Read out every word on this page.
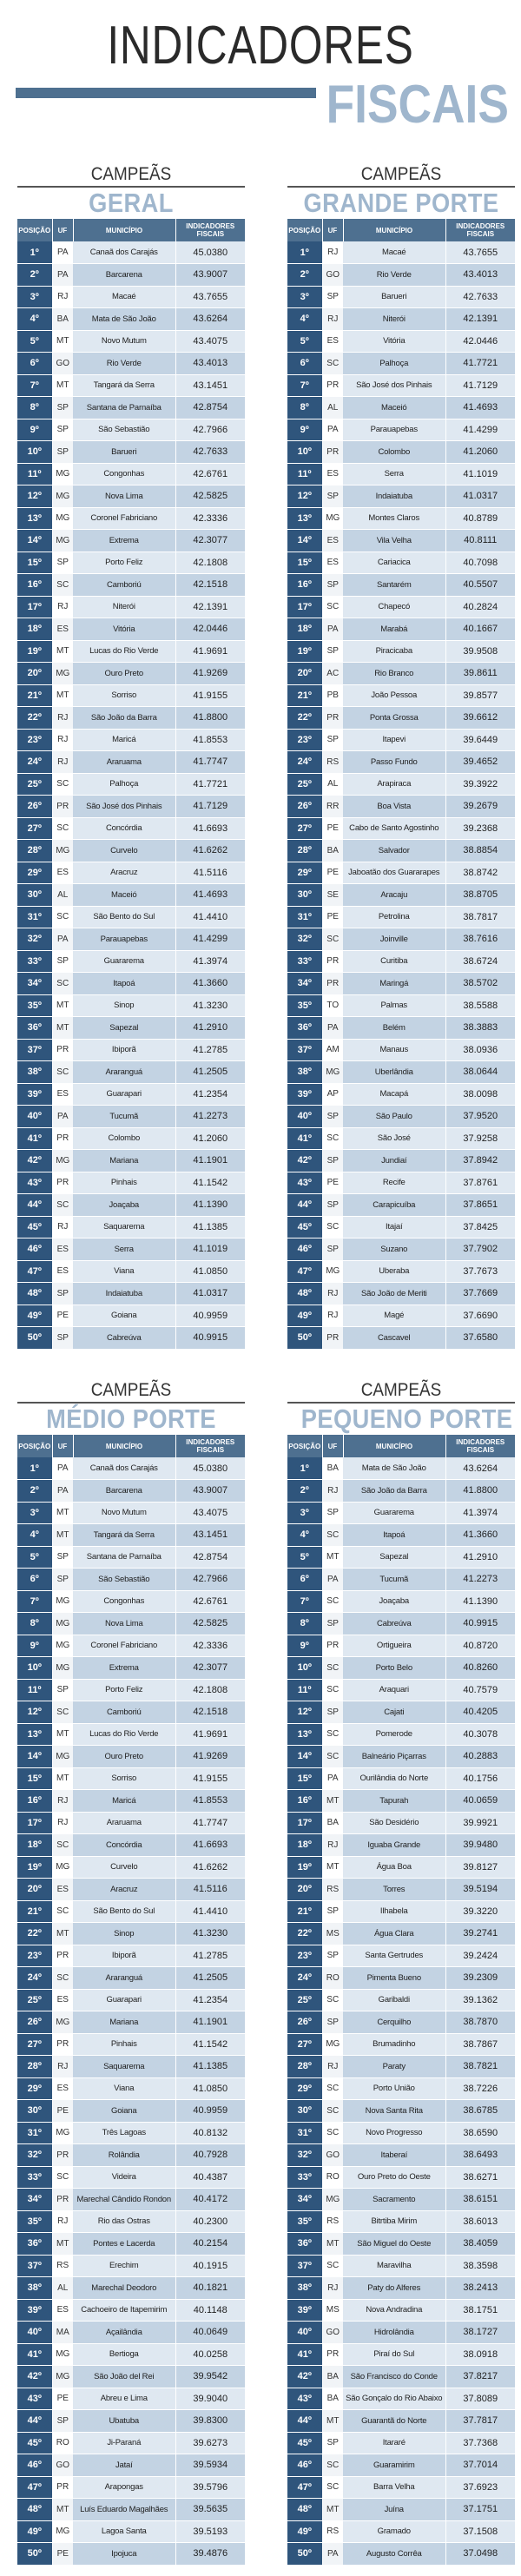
INDICADORES
FISCAIS
CAMPEÃS
GERAL
POSIÇÃO	UF	MUNICÍPIO	INDICADORES FISCAIS
1º	PA	Canaã dos Carajás	45.0380
2º	PA	Barcarena	43.9007
3º	RJ	Macaé	43.7655
4º	BA	Mata de São João	43.6264
5º	MT	Novo Mutum	43.4075
6º	GO	Rio Verde	43.4013
7º	MT	Tangará da Serra	43.1451
8º	SP	Santana de Parnaíba	42.8754
9º	SP	São Sebastião	42.7966
10º	SP	Barueri	42.7633
11º	MG	Congonhas	42.6761
12º	MG	Nova Lima	42.5825
13º	MG	Coronel Fabriciano	42.3336
14º	MG	Extrema	42.3077
15º	SP	Porto Feliz	42.1808
16º	SC	Camboriú	42.1518
17º	RJ	Niterói	42.1391
18º	ES	Vitória	42.0446
19º	MT	Lucas do Rio Verde	41.9691
20º	MG	Ouro Preto	41.9269
21º	MT	Sorriso	41.9155
22º	RJ	São João da Barra	41.8800
23º	RJ	Maricá	41.8553
24º	RJ	Araruama	41.7747
25º	SC	Palhoça	41.7721
26º	PR	São José dos Pinhais	41.7129
27º	SC	Concórdia	41.6693
28º	MG	Curvelo	41.6262
29º	ES	Aracruz	41.5116
30º	AL	Maceió	41.4693
31º	SC	São Bento do Sul	41.4410
32º	PA	Parauapebas	41.4299
33º	SP	Guararema	41.3974
34º	SC	Itapoá	41.3660
35º	MT	Sinop	41.3230
36º	MT	Sapezal	41.2910
37º	PR	Ibiporã	41.2785
38º	SC	Araranguá	41.2505
39º	ES	Guarapari	41.2354
40º	PA	Tucumã	41.2273
41º	PR	Colombo	41.2060
42º	MG	Mariana	41.1901
43º	PR	Pinhais	41.1542
44º	SC	Joaçaba	41.1390
45º	RJ	Saquarema	41.1385
46º	ES	Serra	41.1019
47º	ES	Viana	41.0850
48º	SP	Indaiatuba	41.0317
49º	PE	Goiana	40.9959
50º	SP	Cabreúva	40.9915
CAMPEÃS
GRANDE PORTE
POSIÇÃO	UF	MUNICÍPIO	INDICADORES FISCAIS
1º	RJ	Macaé	43.7655
2º	GO	Rio Verde	43.4013
3º	SP	Barueri	42.7633
4º	RJ	Niterói	42.1391
5º	ES	Vitória	42.0446
6º	SC	Palhoça	41.7721
7º	PR	São José dos Pinhais	41.7129
8º	AL	Maceió	41.4693
9º	PA	Parauapebas	41.4299
10º	PR	Colombo	41.2060
11º	ES	Serra	41.1019
12º	SP	Indaiatuba	41.0317
13º	MG	Montes Claros	40.8789
14º	ES	Vila Velha	40.8111
15º	ES	Cariacica	40.7098
16º	SP	Santarém	40.5507
17º	SC	Chapecó	40.2824
18º	PA	Marabá	40.1667
19º	SP	Piracicaba	39.9508
20º	AC	Rio Branco	39.8611
21º	PB	João Pessoa	39.8577
22º	PR	Ponta Grossa	39.6612
23º	SP	Itapevi	39.6449
24º	RS	Passo Fundo	39.4652
25º	AL	Arapiraca	39.3922
26º	RR	Boa Vista	39.2679
27º	PE	Cabo de Santo Agostinho	39.2368
28º	BA	Salvador	38.8854
29º	PE	Jaboatão dos Guararapes	38.8742
30º	SE	Aracaju	38.8705
31º	PE	Petrolina	38.7817
32º	SC	Joinville	38.7616
33º	PR	Curitiba	38.6724
34º	PR	Maringá	38.5702
35º	TO	Palmas	38.5588
36º	PA	Belém	38.3883
37º	AM	Manaus	38.0936
38º	MG	Uberlândia	38.0644
39º	AP	Macapá	38.0098
40º	SP	São Paulo	37.9520
41º	SC	São José	37.9258
42º	SP	Jundiaí	37.8942
43º	PE	Recife	37.8761
44º	SP	Carapicuíba	37.8651
45º	SC	Itajaí	37.8425
46º	SP	Suzano	37.7902
47º	MG	Uberaba	37.7673
48º	RJ	São João de Meriti	37.7669
49º	RJ	Magé	37.6690
50º	PR	Cascavel	37.6580
CAMPEÃS
MÉDIO PORTE
POSIÇÃO	UF	MUNICÍPIO	INDICADORES FISCAIS
1º	PA	Canaã dos Carajás	45.0380
2º	PA	Barcarena	43.9007
3º	MT	Novo Mutum	43.4075
4º	MT	Tangará da Serra	43.1451
5º	SP	Santana de Parnaíba	42.8754
6º	SP	São Sebastião	42.7966
7º	MG	Congonhas	42.6761
8º	MG	Nova Lima	42.5825
9º	MG	Coronel Fabriciano	42.3336
10º	MG	Extrema	42.3077
11º	SP	Porto Feliz	42.1808
12º	SC	Camboriú	42.1518
13º	MT	Lucas do Rio Verde	41.9691
14º	MG	Ouro Preto	41.9269
15º	MT	Sorriso	41.9155
16º	RJ	Maricá	41.8553
17º	RJ	Araruama	41.7747
18º	SC	Concórdia	41.6693
19º	MG	Curvelo	41.6262
20º	ES	Aracruz	41.5116
21º	SC	São Bento do Sul	41.4410
22º	MT	Sinop	41.3230
23º	PR	Ibiporã	41.2785
24º	SC	Araranguá	41.2505
25º	ES	Guarapari	41.2354
26º	MG	Mariana	41.1901
27º	PR	Pinhais	41.1542
28º	RJ	Saquarema	41.1385
29º	ES	Viana	41.0850
30º	PE	Goiana	40.9959
31º	MG	Três Lagoas	40.8132
32º	PR	Rolândia	40.7928
33º	SC	Videira	40.4387
34º	PR	Marechal Cândido Rondon	40.4172
35º	RJ	Rio das Ostras	40.2300
36º	MT	Pontes e Lacerda	40.2154
37º	RS	Erechim	40.1915
38º	AL	Marechal Deodoro	40.1821
39º	ES	Cachoeiro de Itapemirim	40.1148
40º	MA	Açailândia	40.0649
41º	MG	Bertioga	40.0258
42º	MG	São João del Rei	39.9542
43º	PE	Abreu e Lima	39.9040
44º	SP	Ubatuba	39.8300
45º	RO	Ji-Paraná	39.6273
46º	GO	Jataí	39.5934
47º	PR	Arapongas	39.5796
48º	MT	Luís Eduardo Magalhães	39.5635
49º	MG	Lagoa Santa	39.5193
50º	PE	Ipojuca	39.4876
CAMPEÃS
PEQUENO PORTE
POSIÇÃO	UF	MUNICÍPIO	INDICADORES FISCAIS
1º	BA	Mata de São João	43.6264
2º	RJ	São João da Barra	41.8800
3º	SP	Guararema	41.3974
4º	SC	Itapoá	41.3660
5º	MT	Sapezal	41.2910
6º	PA	Tucumã	41.2273
7º	SC	Joaçaba	41.1390
8º	SP	Cabreúva	40.9915
9º	PR	Ortigueira	40.8720
10º	SC	Porto Belo	40.8260
11º	SC	Araquari	40.7579
12º	SP	Cajati	40.4205
13º	SC	Pomerode	40.3078
14º	SC	Balneário Piçarras	40.2883
15º	PA	Ourilândia do Norte	40.1756
16º	MT	Tapurah	40.0659
17º	BA	São Desidério	39.9921
18º	RJ	Iguaba Grande	39.9480
19º	MT	Água Boa	39.8127
20º	RS	Torres	39.5194
21º	SP	Ilhabela	39.3220
22º	MS	Água Clara	39.2741
23º	SP	Santa Gertrudes	39.2424
24º	RO	Pimenta Bueno	39.2309
25º	SC	Garibaldi	39.1362
26º	SP	Cerquilho	38.7870
27º	MG	Brumadinho	38.7867
28º	RJ	Paraty	38.7821
29º	SC	Porto União	38.7226
30º	SC	Nova Santa Rita	38.6785
31º	SC	Novo Progresso	38.6590
32º	GO	Itaberaí	38.6493
33º	RO	Ouro Preto do Oeste	38.6271
34º	MG	Sacramento	38.6151
35º	RS	Bitrtiba Mirim	38.6013
36º	MT	São Miguel do Oeste	38.4059
37º	SC	Maravilha	38.3598
38º	RJ	Paty do Alferes	38.2413
39º	MS	Nova Andradina	38.1751
40º	GO	Hidrolândia	38.1727
41º	PR	Piraí do Sul	38.0918
42º	BA	São Francisco do Conde	37.8217
43º	BA	São Gonçalo do Rio Abaixo	37.8089
44º	MT	Guarantã do Norte	37.7817
45º	SP	Itararé	37.7368
46º	SC	Guaramirim	37.7014
47º	SC	Barra Velha	37.6923
48º	MT	Juína	37.1751
49º	RS	Gramado	37.1508
50º	PA	Augusto Corrêa	37.0498
